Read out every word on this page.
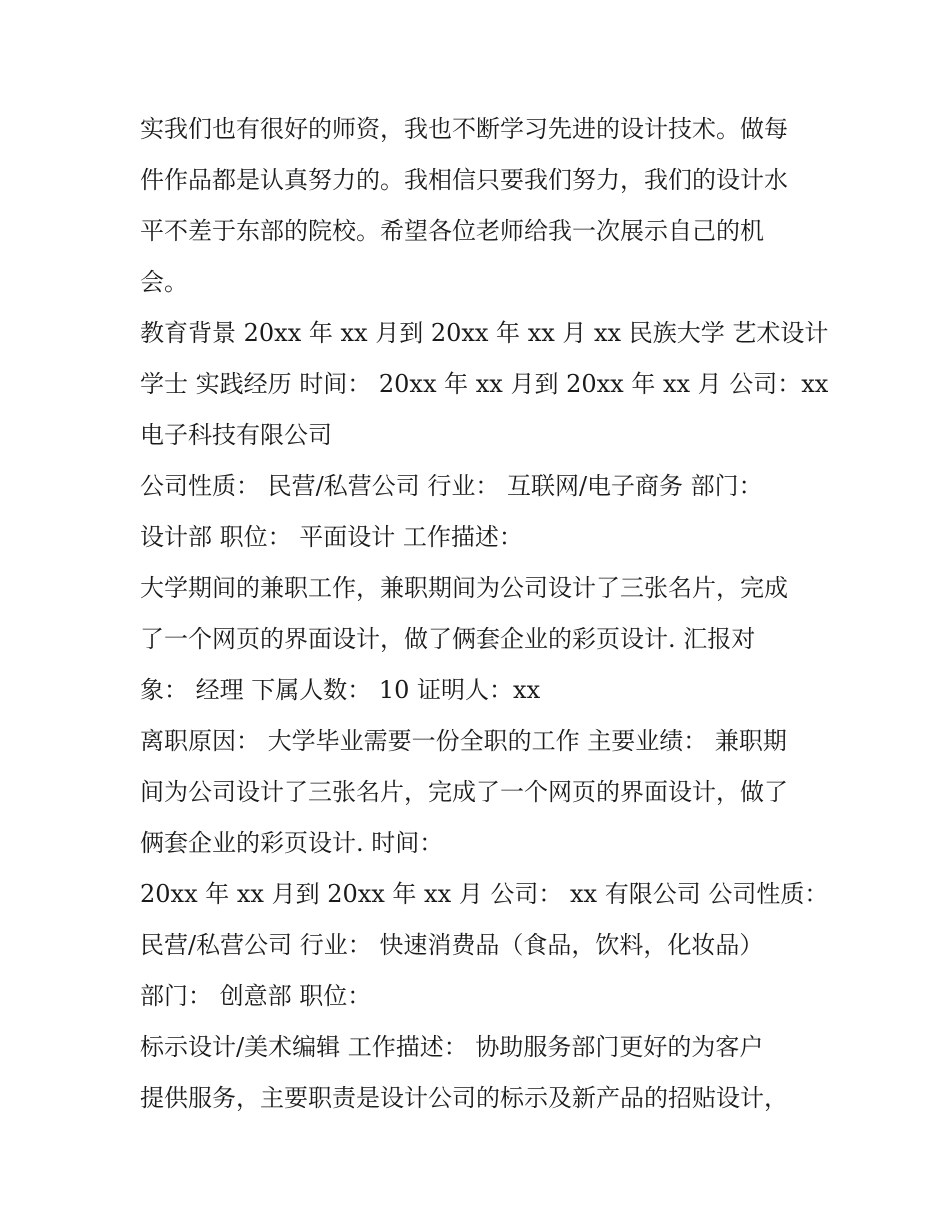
实我们也有很好的师资，我也不断学习先进的设计技术。做每
件作品都是认真努力的。我相信只要我们努力，我们的设计水
平不差于东部的院校。希望各位老师给我一次展示自己的机
会。
教育背景 20xx 年 xx 月到 20xx 年 xx 月 xx 民族大学 艺术设计
学士 实践经历 时间： 20xx 年 xx 月到 20xx 年 xx 月 公司：xx
电子科技有限公司
公司性质： 民营/私营公司 行业： 互联网/电子商务 部门：
设计部 职位： 平面设计 工作描述：
大学期间的兼职工作，兼职期间为公司设计了三张名片，完成
了一个网页的界面设计，做了俩套企业的彩页设计. 汇报对
象： 经理 下属人数： 10 证明人：xx
离职原因： 大学毕业需要一份全职的工作 主要业绩： 兼职期
间为公司设计了三张名片，完成了一个网页的界面设计，做了
俩套企业的彩页设计. 时间：
20xx 年 xx 月到 20xx 年 xx 月 公司： xx 有限公司 公司性质：
民营/私营公司 行业： 快速消费品（食品，饮料，化妆品）
部门： 创意部 职位：
标示设计/美术编辑 工作描述： 协助服务部门更好的为客户
提供服务，主要职责是设计公司的标示及新产品的招贴设计，
